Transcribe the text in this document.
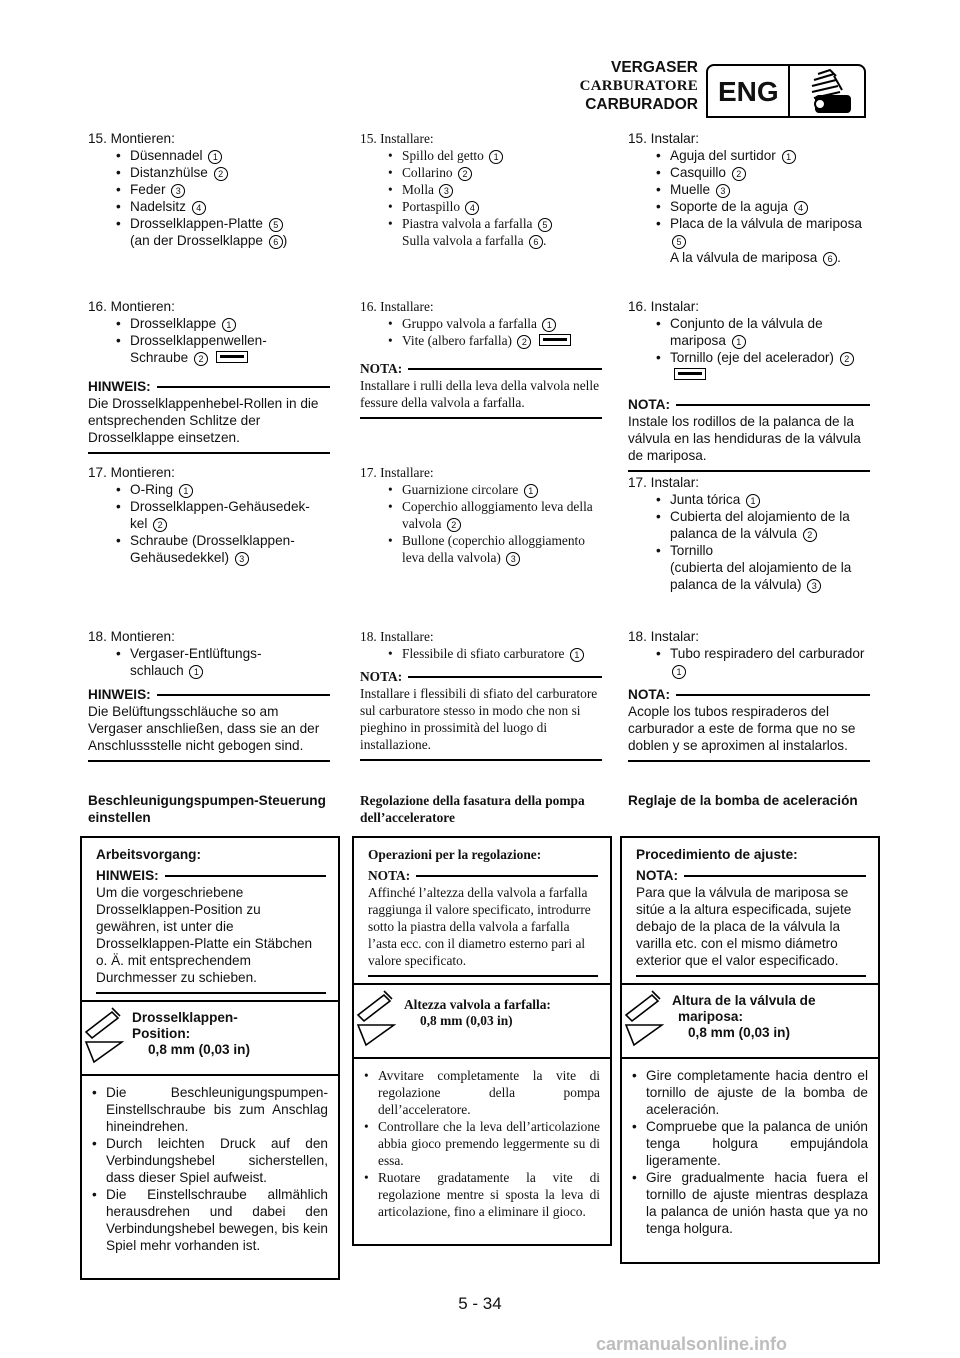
VERGASER
CARBURATORE
CARBURADOR ENG
15. Montieren:
• Düsennadel 1
• Distanzhülse 2
• Feder 3
• Nadelsitz 4
• Drosselklappen-Platte 5
(an der Drosselklappe 6 )
16. Montieren:
• Drosselklappe 1
• Drosselklappenwellen-
Schraube 2
HINWEIS:
Die Drosselklappenhebel-Rollen in die entsprechenden Schlitze der Drosselklappe einsetzen.
17. Montieren:
• O-Ring 1
• Drosselklappen-Gehäusedek-
kel 2
• Schraube (Drosselklappen-
Gehäusedekkel) 3
18. Montieren:
• Vergaser-Entlüftungs-
schlauch 1
HINWEIS:
Die Belüftungsschläuche so am Vergaser anschließen, dass sie an der Anschlussstelle nicht gebogen sind.
Beschleunigungspumpen-Steuerung einstellen
Arbeitsvorgang:
HINWEIS:
Um die vorgeschriebene Drosselklappen-Position zu gewähren, ist unter die Drosselklappen-Platte ein Stäbchen o. Ä. mit entsprechendem Durchmesser zu schieben.
Drosselklappen-
Position:
0,8 mm (0,03 in)
• Die Beschleunigungspumpen-Einstellschraube bis zum Anschlag hineindrehen.
• Durch leichten Druck auf den Verbindungshebel sicherstellen, dass dieser Spiel aufweist.
• Die Einstellschraube allmählich herausdrehen und dabei den Verbindungshebel bewegen, bis kein Spiel mehr vorhanden ist.
15. Installare:
• Spillo del getto 1
• Collarino 2
• Molla 3
• Portaspillo 4
• Piastra valvola a farfalla 5
Sulla valvola a farfalla 6 .
16. Installare:
• Gruppo valvola a farfalla 1
• Vite (albero farfalla) 2
NOTA:
Installare i rulli della leva della valvola nelle fessure della valvola a farfalla.
17. Installare:
• Guarnizione circolare 1
• Coperchio alloggiamento leva della valvola 2
• Bullone (coperchio alloggiamento leva della valvola) 3
18. Installare:
• Flessibile di sfiato carburatore 1
NOTA:
Installare i flessibili di sfiato del carburatore sul carburatore stesso in modo che non si pieghino in prossimità del luogo di installazione.
Regolazione della fasatura della pompa dell’acceleratore
Operazioni per la regolazione:
NOTA:
Affinché l’altezza della valvola a farfalla raggiunga il valore specificato, introdurre sotto la piastra della valvola a farfalla l’asta ecc. con il diametro esterno pari al valore specificato.
Altezza valvola a farfalla:
0,8 mm (0,03 in)
• Avvitare completamente la vite di regolazione della pompa dell’acceleratore.
• Controllare che la leva dell’articolazione abbia gioco premendo leggermente su di essa.
• Ruotare gradatamente la vite di regolazione mentre si sposta la leva di articolazione, fino a eliminare il gioco.
15. Instalar:
• Aguja del surtidor 1
• Casquillo 2
• Muelle 3
• Soporte de la aguja 4
• Placa de la válvula de mariposa 5
A la válvula de mariposa 6 .
16. Instalar:
• Conjunto de la válvula de mariposa 1
• Tornillo (eje del acelerador) 2
NOTA:
Instale los rodillos de la palanca de la válvula en las hendiduras de la válvula de mariposa.
17. Instalar:
• Junta tórica 1
• Cubierta del alojamiento de la palanca de la válvula 2
• Tornillo
(cubierta del alojamiento de la palanca de la válvula) 3
18. Instalar:
• Tubo respiradero del carburador 1
NOTA:
Acople los tubos respiraderos del carburador a este de forma que no se doblen y se aproximen al instalarlos.
Reglaje de la bomba de aceleración
Procedimiento de ajuste:
NOTA:
Para que la válvula de mariposa se sitúe a la altura especificada, sujete debajo de la placa de la válvula la varilla etc. con el mismo diámetro exterior que el valor especificado.
Altura de la válvula de
mariposa:
0,8 mm (0,03 in)
• Gire completamente hacia dentro el tornillo de ajuste de la bomba de aceleración.
• Compruebe que la palanca de unión tenga holgura empujándola ligeramente.
• Gire gradualmente hacia fuera el tornillo de ajuste mientras desplaza la palanca de unión hasta que ya no tenga holgura.
5 - 34
carmanualsonline.info
